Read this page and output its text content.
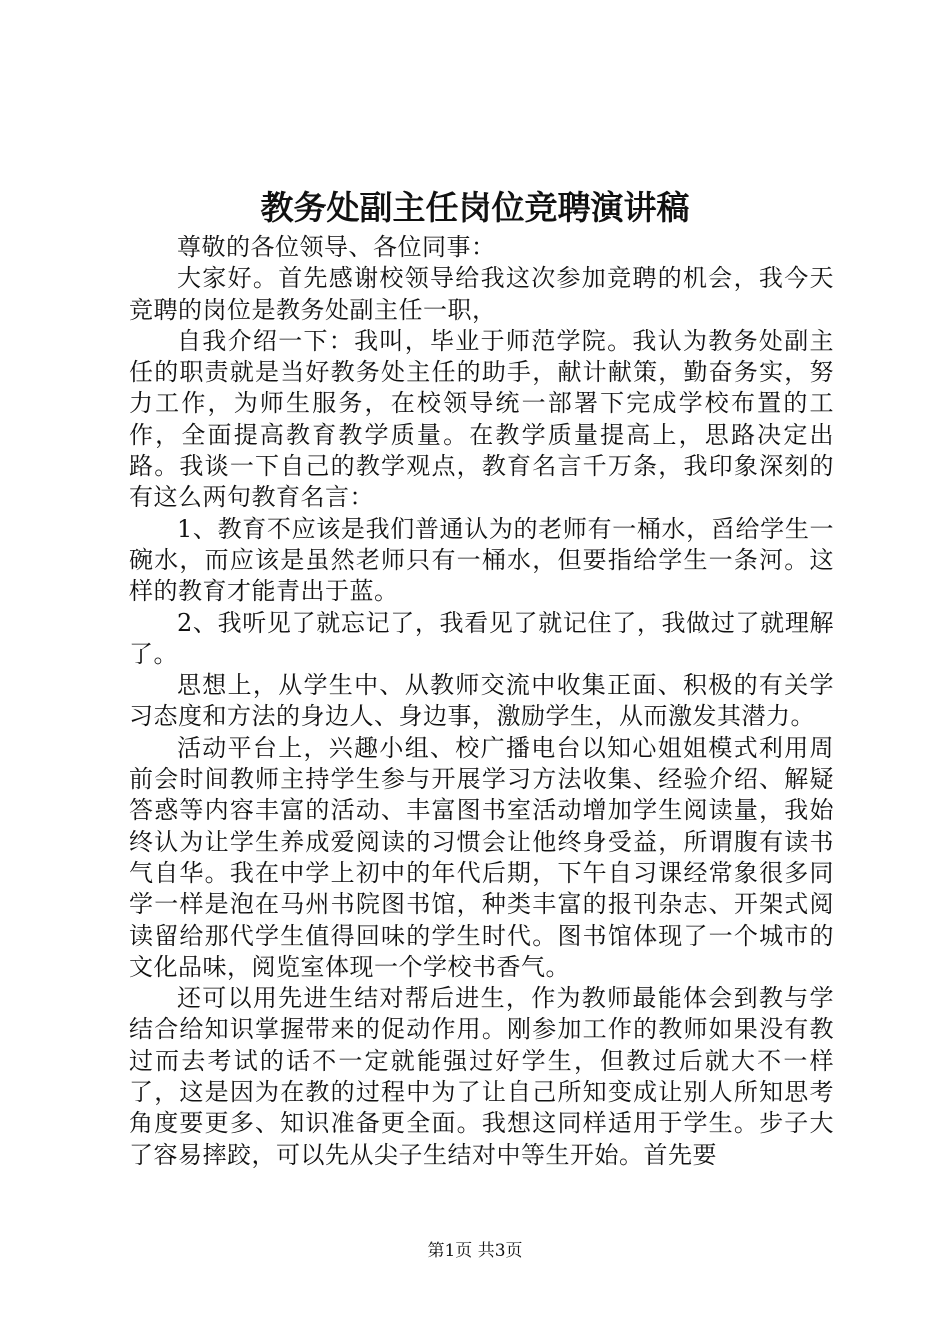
教务处副主任岗位竞聘演讲稿

尊敬的各位领导、各位同事：

大家好。首先感谢校领导给我这次参加竞聘的机会，我今天竞聘的岗位是教务处副主任一职，

自我介绍一下：我叫，毕业于师范学院。我认为教务处副主任的职责就是当好教务处主任的助手，献计献策，勤奋务实，努力工作，为师生服务，在校领导统一部署下完成学校布置的工作，全面提高教育教学质量。在教学质量提高上，思路决定出路。我谈一下自己的教学观点，教育名言千万条，我印象深刻的有这么两句教育名言：

1、教育不应该是我们普通认为的老师有一桶水，舀给学生一碗水，而应该是虽然老师只有一桶水，但要指给学生一条河。这样的教育才能青出于蓝。

2、我听见了就忘记了，我看见了就记住了，我做过了就理解了。

思想上，从学生中、从教师交流中收集正面、积极的有关学习态度和方法的身边人、身边事，激励学生，从而激发其潜力。

活动平台上，兴趣小组、校广播电台以知心姐姐模式利用周前会时间教师主持学生参与开展学习方法收集、经验介绍、解疑答惑等内容丰富的活动、丰富图书室活动增加学生阅读量，我始终认为让学生养成爱阅读的习惯会让他终身受益，所谓腹有读书气自华。我在中学上初中的年代后期，下午自习课经常象很多同学一样是泡在马州书院图书馆，种类丰富的报刊杂志、开架式阅读留给那代学生值得回味的学生时代。图书馆体现了一个城市的文化品味，阅览室体现一个学校书香气。

还可以用先进生结对帮后进生，作为教师最能体会到教与学结合给知识掌握带来的促动作用。刚参加工作的教师如果没有教过而去考试的话不一定就能强过好学生，但教过后就大不一样了，这是因为在教的过程中为了让自己所知变成让别人所知思考角度要更多、知识准备更全面。我想这同样适用于学生。步子大了容易摔跤，可以先从尖子生结对中等生开始。首先要

第1页 共3页
